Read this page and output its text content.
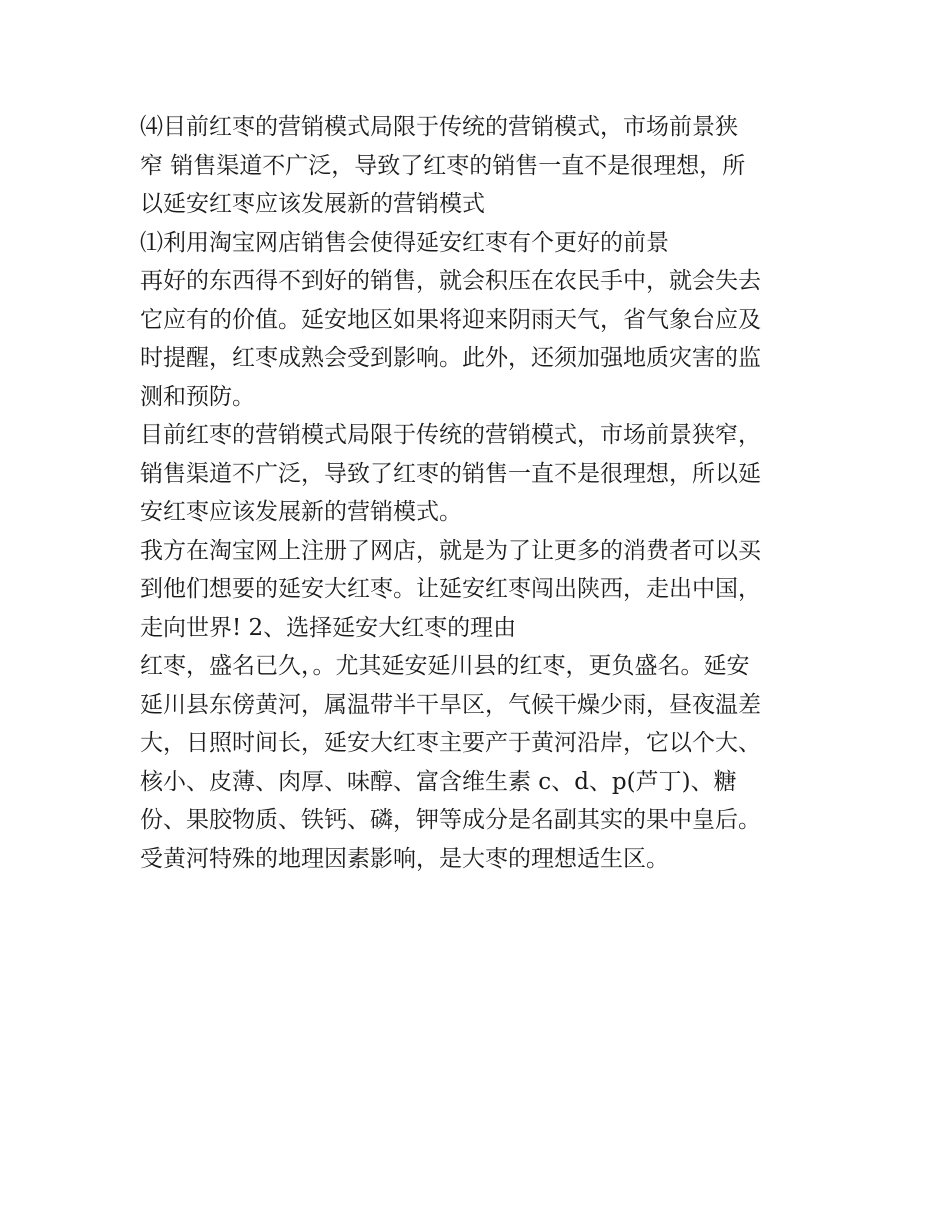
⑷目前红枣的营销模式局限于传统的营销模式，市场前景狭
窄 销售渠道不广泛，导致了红枣的销售一直不是很理想，所
以延安红枣应该发展新的营销模式
⑴利用淘宝网店销售会使得延安红枣有个更好的前景
再好的东西得不到好的销售，就会积压在农民手中，就会失去
它应有的价值。延安地区如果将迎来阴雨天气，省气象台应及
时提醒，红枣成熟会受到影响。此外，还须加强地质灾害的监
测和预防。
目前红枣的营销模式局限于传统的营销模式，市场前景狭窄，
销售渠道不广泛，导致了红枣的销售一直不是很理想，所以延
安红枣应该发展新的营销模式。
我方在淘宝网上注册了网店，就是为了让更多的消费者可以买
到他们想要的延安大红枣。让延安红枣闯出陕西，走出中国，
走向世界! 2、选择延安大红枣的理由
红枣，盛名已久，。尤其延安延川县的红枣，更负盛名。延安
延川县东傍黄河，属温带半干旱区，气候干燥少雨，昼夜温差
大，日照时间长，延安大红枣主要产于黄河沿岸，它以个大、
核小、皮薄、肉厚、味醇、富含维生素 c、d、p(芦丁)、糖
份、果胶物质、铁钙、磷，钾等成分是名副其实的果中皇后。
受黄河特殊的地理因素影响，是大枣的理想适生区。
